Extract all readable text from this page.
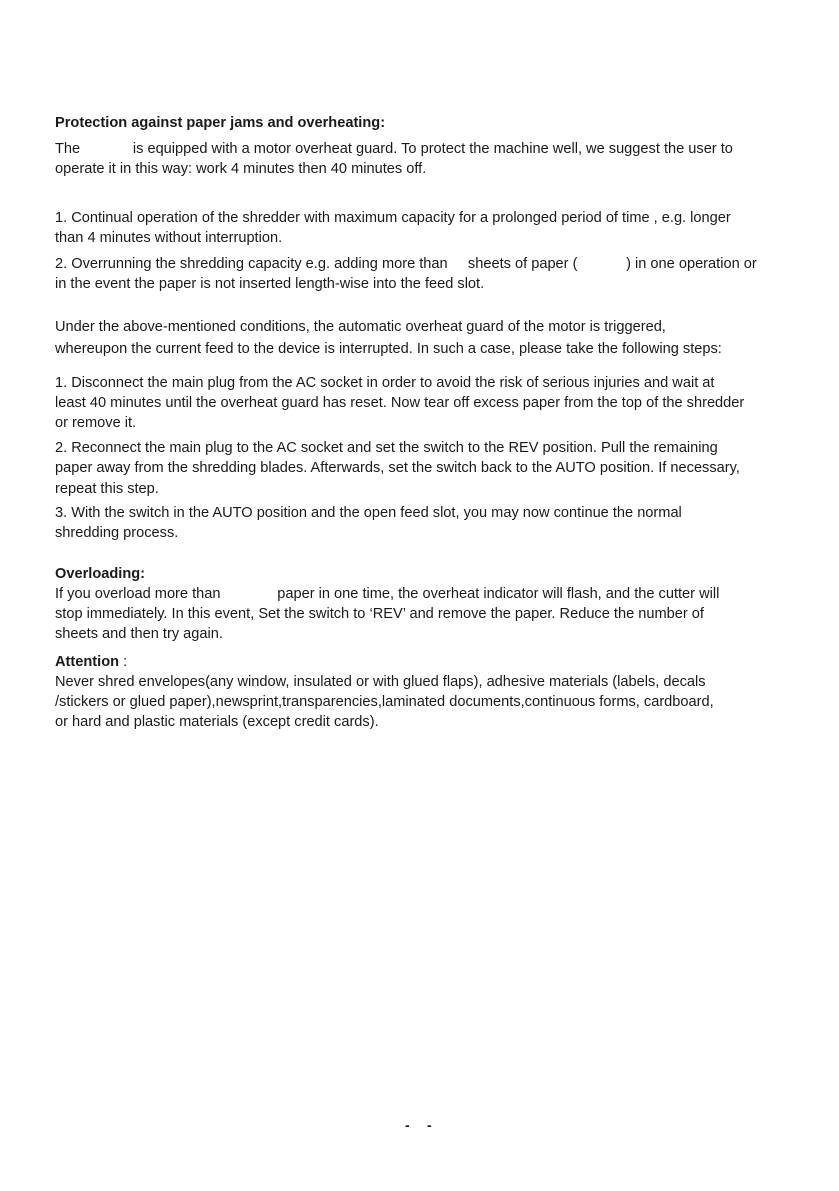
Protection against paper jams and overheating:
The             is equipped with a motor overheat guard. To protect the machine well, we suggest the user to
operate it in this way: work 4 minutes then 40 minutes off.
1. Continual operation of the shredder with maximum capacity for a prolonged period of time , e.g. longer
than 4 minutes without interruption.
2. Overrunning the shredding capacity e.g. adding more than     sheets of paper (            ) in one operation or
in the event the paper is not inserted length-wise into the feed slot.
Under the above-mentioned conditions, the automatic overheat guard of the motor is triggered,
whereupon the current feed to the device is interrupted. In such a case, please take the following steps:
1. Disconnect the main plug from the AC socket in order to avoid the risk of serious injuries and wait at
least 40 minutes until the overheat guard has reset. Now tear off excess paper from the top of the shredder
or remove it.
2. Reconnect the main plug to the AC socket and set the switch to the REV position. Pull the remaining
paper away from the shredding blades. Afterwards, set the switch back to the AUTO position. If necessary,
repeat this step.
3. With the switch in the AUTO position and the open feed slot, you may now continue the normal
shredding process.
Overloading:
If you overload more than              paper in one time, the overheat indicator will flash, and the cutter will
stop immediately. In this event, Set the switch to ‘REV’ and remove the paper. Reduce the number of
sheets and then try again.
Attention :
Never shred envelopes(any window, insulated or with glued flaps), adhesive materials (labels, decals
/stickers or glued paper),newsprint,transparencies,laminated documents,continuous forms, cardboard,
or hard and plastic materials (except credit cards).
- -
